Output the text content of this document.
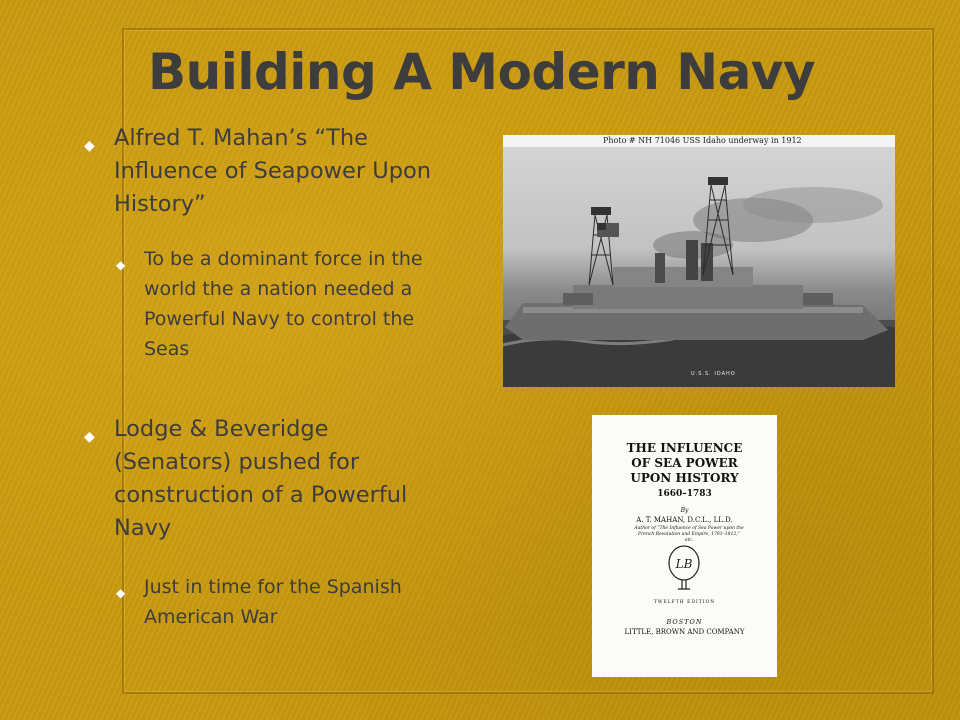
Building A Modern Navy
◆ Alfred T. Mahan’s “The Influence of Seapower Upon History”
◆ To be a dominant force in the world the a nation needed a Powerful Navy to control the Seas
◆ Lodge & Beveridge (Senators) pushed for construction of a Powerful Navy
◆ Just in time for the Spanish American War
Photo # NH 71046 USS Idaho underway in 1912
U.S.S. IDAHO
THE INFLUENCE
OF SEA POWER
UPON HISTORY
1660–1783
By
A. T. MAHAN, D.C.L., LL.D.
Author of “The Influence of Sea Power upon the French Revolution and Empire, 1793–1812,” etc.
LB
TWELFTH EDITION
BOSTON
LITTLE, BROWN AND COMPANY
